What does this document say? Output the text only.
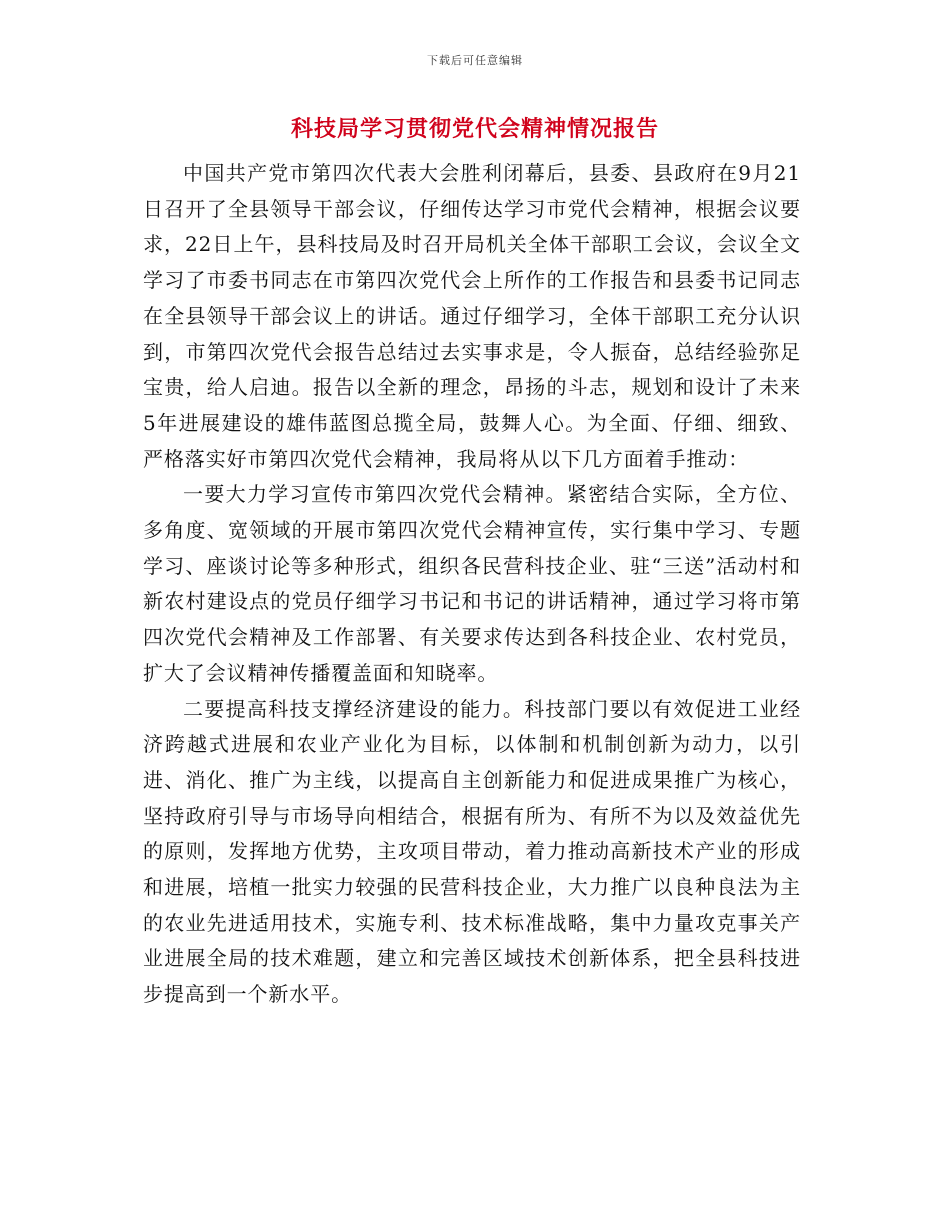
下载后可任意编辑
科技局学习贯彻党代会精神情况报告

中国共产党市第四次代表大会胜利闭幕后，县委、县政府在9月21日召开了全县领导干部会议，仔细传达学习市党代会精神，根据会议要求，22日上午，县科技局及时召开局机关全体干部职工会议，会议全文学习了市委书同志在市第四次党代会上所作的工作报告和县委书记同志在全县领导干部会议上的讲话。通过仔细学习，全体干部职工充分认识到，市第四次党代会报告总结过去实事求是，令人振奋，总结经验弥足宝贵，给人启迪。报告以全新的理念，昂扬的斗志，规划和设计了未来5年进展建设的雄伟蓝图总揽全局，鼓舞人心。为全面、仔细、细致、严格落实好市第四次党代会精神，我局将从以下几方面着手推动：

一要大力学习宣传市第四次党代会精神。紧密结合实际，全方位、多角度、宽领域的开展市第四次党代会精神宣传，实行集中学习、专题学习、座谈讨论等多种形式，组织各民营科技企业、驻“三送”活动村和新农村建设点的党员仔细学习书记和书记的讲话精神，通过学习将市第四次党代会精神及工作部署、有关要求传达到各科技企业、农村党员，扩大了会议精神传播覆盖面和知晓率。

二要提高科技支撑经济建设的能力。科技部门要以有效促进工业经济跨越式进展和农业产业化为目标，以体制和机制创新为动力，以引进、消化、推广为主线，以提高自主创新能力和促进成果推广为核心，坚持政府引导与市场导向相结合，根据有所为、有所不为以及效益优先的原则，发挥地方优势，主攻项目带动，着力推动高新技术产业的形成和进展，培植一批实力较强的民营科技企业，大力推广以良种良法为主的农业先进适用技术，实施专利、技术标准战略，集中力量攻克事关产业进展全局的技术难题，建立和完善区域技术创新体系，把全县科技进步提高到一个新水平。
